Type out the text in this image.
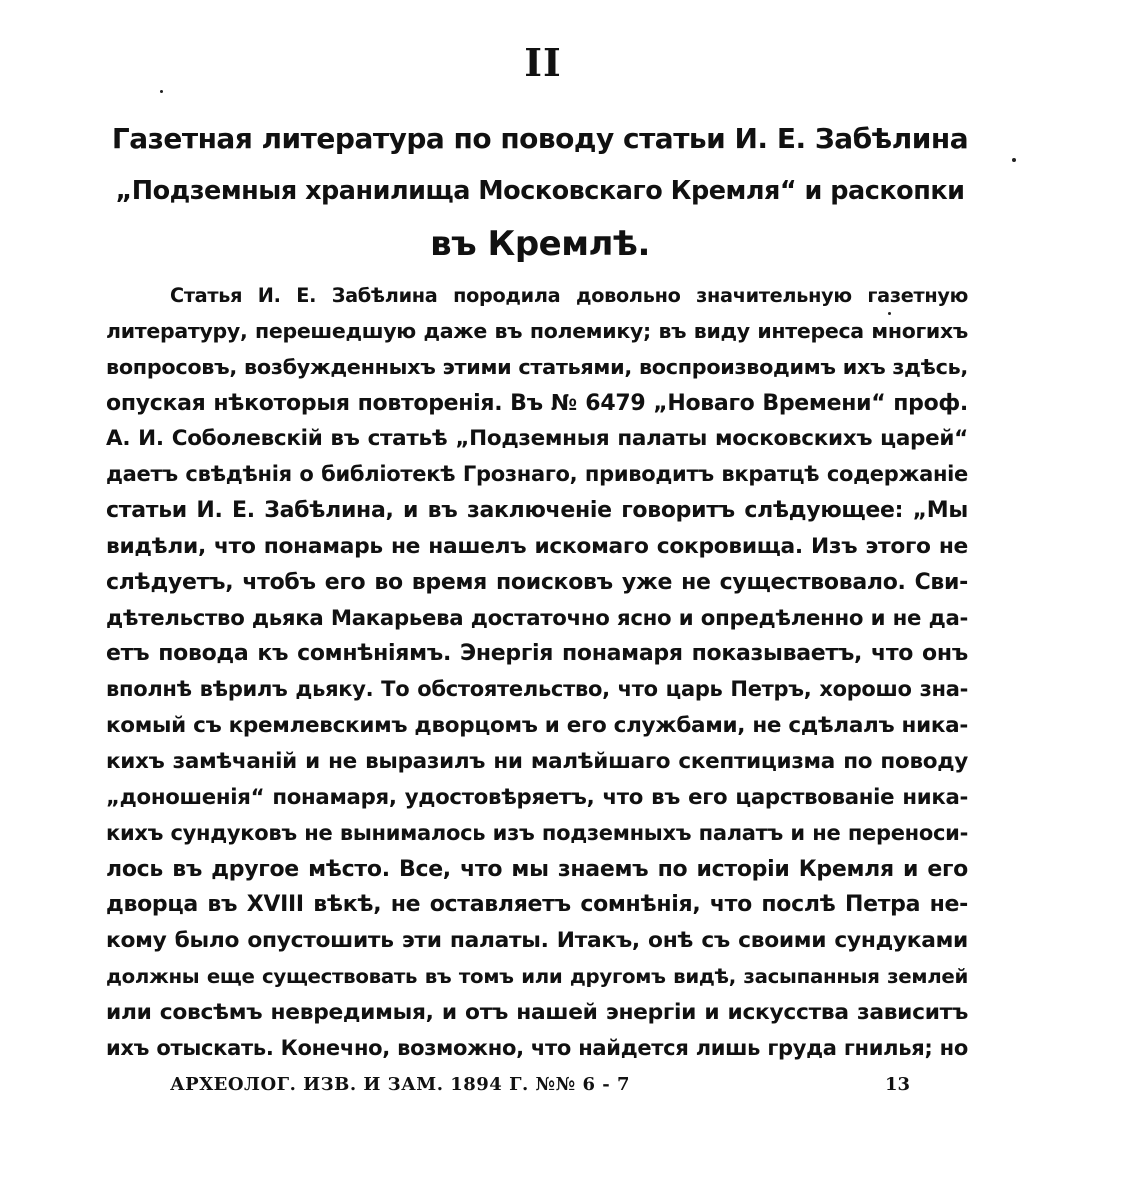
II
Газетная литература по поводу статьи И. Е. Забѣлина
„Подземныя хранилища Московскаго Кремля“ и раскопки
въ Кремлѣ.
Статья И. Е. Забѣлина породила довольно значительную газетную
литературу, перешедшую даже въ полемику; въ виду интереса многихъ
вопросовъ, возбужденныхъ этими статьями, воспроизводимъ ихъ здѣсь,
опуская нѣкоторыя повторенія. Въ № 6479 „Новаго Времени“ проф.
А. И. Соболевскій въ статьѣ „Подземныя палаты московскихъ царей“
даетъ свѣдѣнія о библіотекѣ Грознаго, приводитъ вкратцѣ содержаніе
статьи И. Е. Забѣлина, и въ заключеніе говоритъ слѣдующее: „Мы
видѣли, что понамарь не нашелъ искомаго сокровища. Изъ этого не
слѣдуетъ, чтобъ его во время поисковъ уже не существовало. Сви-
дѣтельство дьяка Макарьева достаточно ясно и опредѣленно и не да-
етъ повода къ сомнѣніямъ. Энергія понамаря показываетъ, что онъ
вполнѣ вѣрилъ дьяку. То обстоятельство, что царь Петръ, хорошо зна-
комый съ кремлевскимъ дворцомъ и его службами, не сдѣлалъ ника-
кихъ замѣчаній и не выразилъ ни малѣйшаго скептицизма по поводу
„доношенія“ понамаря, удостовѣряетъ, что въ его царствованіе ника-
кихъ сундуковъ не вынималось изъ подземныхъ палатъ и не переноси-
лось въ другое мѣсто. Все, что мы знаемъ по исторіи Кремля и его
дворца въ XVIII вѣкѣ, не оставляетъ сомнѣнія, что послѣ Петра не-
кому было опустошить эти палаты. Итакъ, онѣ съ своими сундуками
должны еще существовать въ томъ или другомъ видѣ, засыпанныя землей
или совсѣмъ невредимыя, и отъ нашей энергіи и искусства зависитъ
ихъ отыскать. Конечно, возможно, что найдется лишь груда гнилья; но
АРХЕОЛОГ. ИЗВ. И ЗАМ. 1894 Г. №№ 6 - 7	13
